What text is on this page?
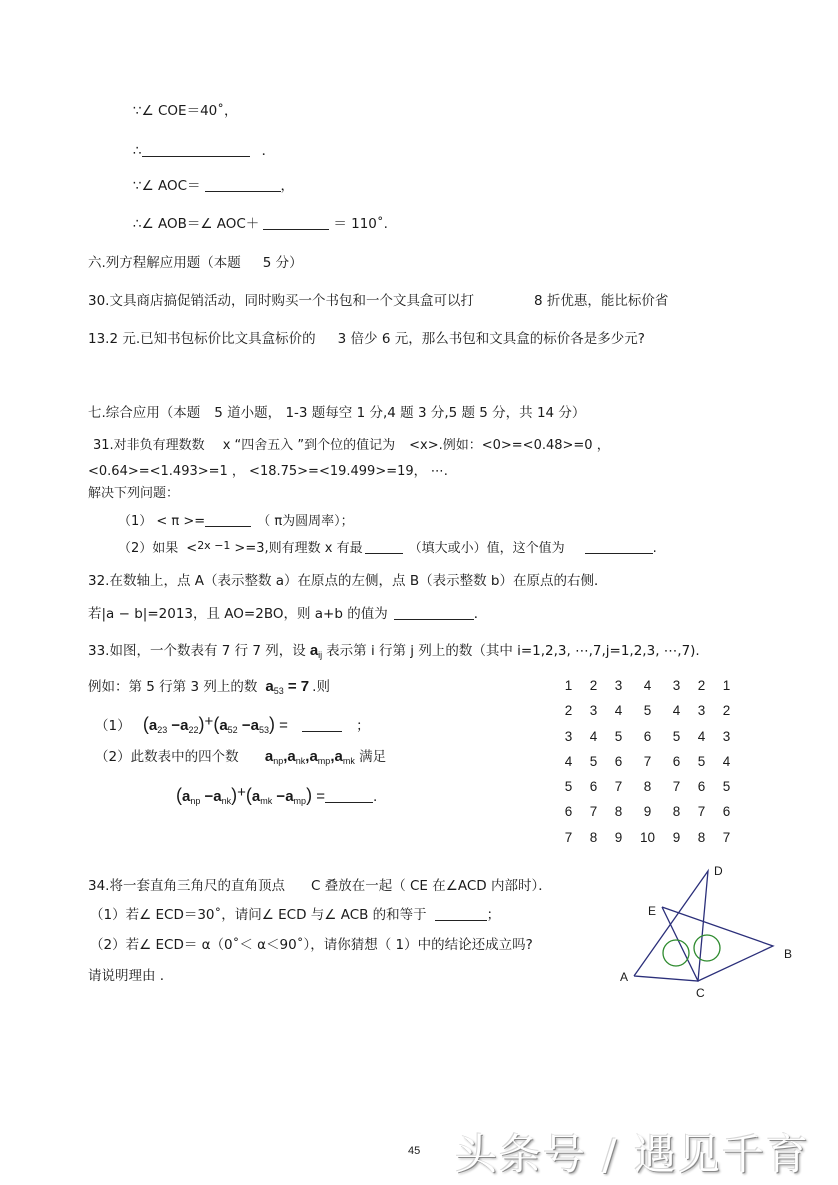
∵∠ COE＝40˚，
∴	．
∵∠ AOC＝	，
∴∠ AOB＝∠ AOC＋	＝ 110˚.
六.列方程解应用题（本题 5 分）
30.文具商店搞促销活动，同时购买一个书包和一个文具盒可以打	8 折优惠，能比标价省
13.2 元.已知书包标价比文具盒标价的 3 倍少 6 元，那么书包和文具盒的标价各是多少元?
七.综合应用（本题 5 道小题， 1-3 题每空 1 分,4 题 3 分,5 题 5 分，共 14 分）
31.对非负有理数数 x “四舍五入 ”到个位的值记为 <x>.例如：<0>=<0.48>=0 ，
<0.64>=<1.493>=1 ， <18.75>=<19.499>=19， ⋯.
解决下列问题：
（1） < π >=	（ π为圆周率）；
（2）如果 <$^{2x -1}$ >=3,则有理数 x 有最	（填大或小）值，这个值为	.
32.在数轴上，点 A（表示整数 a）在原点的左侧，点 B（表示整数 b）在原点的右侧．
若|a − b|=2013，且 AO=2BO，则 a+b 的值为	．
33.如图，一个数表有 7 行 7 列，设 $a_{ij}$ 表示第 i 行第 j 列上的数（其中 i=1,2,3, ⋯,7,j=1,2,3, ⋯,7).
例如：第 5 行第 3 列上的数 $a_{53} = 7$ .则
（1） $(a_{23} -a_{22})+(a_{52} -a_{53})$ =	；
（2）此数表中的四个数 $a_{np},a_{nk},a_{mp},a_{mk}$ 满足
$(a_{np} -a_{nk})+(a_{mk} -a_{mp})$ =	.
1	2	3	4	3	2	1
2	3	4	5	4	3	2
3	4	5	6	5	4	3
4	5	6	7	6	5	4
5	6	7	8	7	6	5
6	7	8	9	8	7	6
7	8	9	10	9	8	7
34.将一套直角三角尺的直角顶点 C 叠放在一起（ CE 在∠ACD 内部时）．
（1）若∠ ECD＝30˚，请问∠ ECD 与∠ ACB 的和等于	；
（2）若∠ ECD＝ α（0˚＜ α＜90˚），请你猜想（ 1）中的结论还成立吗?
请说明理由 .
D
E
A
B
C
45 头条号 / 遇见千育
